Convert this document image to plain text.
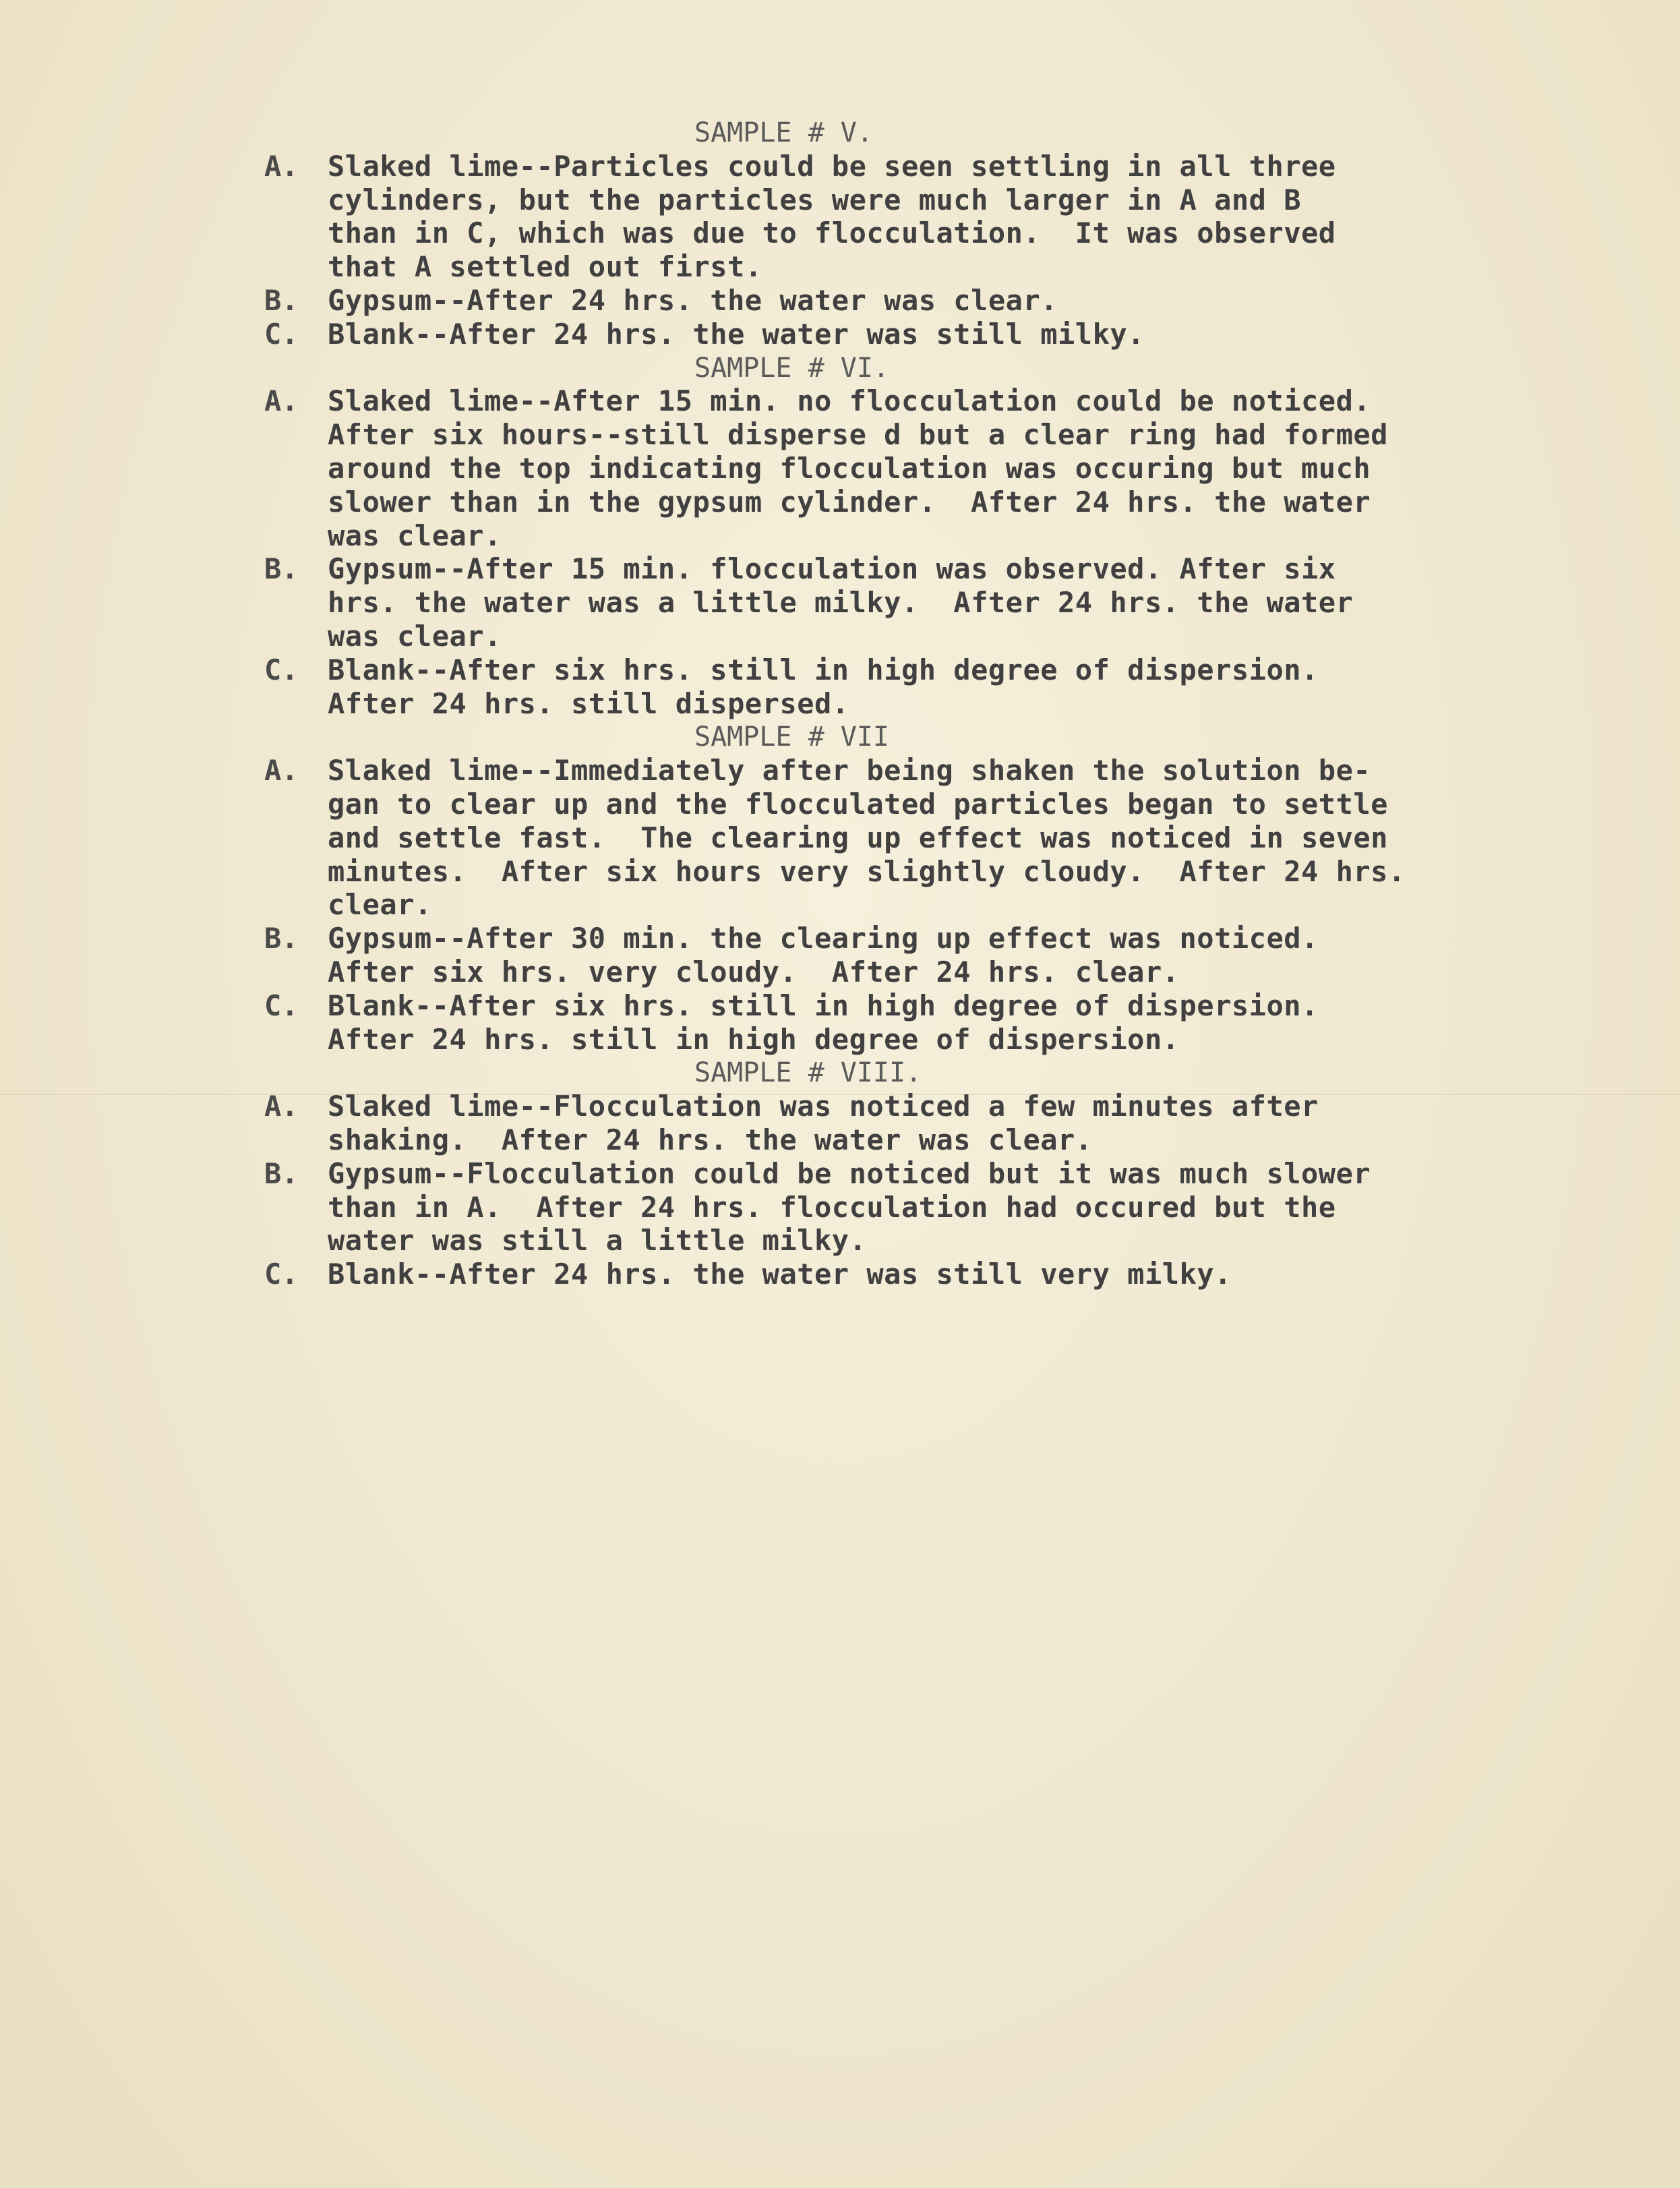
SAMPLE # V.
A. Slaked lime--Particles could be seen settling in all three
cylinders, but the particles were much larger in A and B
than in C, which was due to flocculation.  It was observed
that A settled out first.
B. Gypsum--After 24 hrs. the water was clear.
C. Blank--After 24 hrs. the water was still milky.
SAMPLE # VI.
A. Slaked lime--After 15 min. no flocculation could be noticed.
After six hours--still disperse d but a clear ring had formed
around the top indicating flocculation was occuring but much
slower than in the gypsum cylinder.  After 24 hrs. the water
was clear.
B. Gypsum--After 15 min. flocculation was observed. After six
hrs. the water was a little milky.  After 24 hrs. the water
was clear.
C. Blank--After six hrs. still in high degree of dispersion.
After 24 hrs. still dispersed.
SAMPLE # VII
A. Slaked lime--Immediately after being shaken the solution be-
gan to clear up and the flocculated particles began to settle
and settle fast.  The clearing up effect was noticed in seven
minutes.  After six hours very slightly cloudy.  After 24 hrs.
clear.
B. Gypsum--After 30 min. the clearing up effect was noticed.
After six hrs. very cloudy.  After 24 hrs. clear.
C. Blank--After six hrs. still in high degree of dispersion.
After 24 hrs. still in high degree of dispersion.
SAMPLE # VIII.
A. Slaked lime--Flocculation was noticed a few minutes after
shaking.  After 24 hrs. the water was clear.
B. Gypsum--Flocculation could be noticed but it was much slower
than in A.  After 24 hrs. flocculation had occured but the
water was still a little milky.
C. Blank--After 24 hrs. the water was still very milky.
